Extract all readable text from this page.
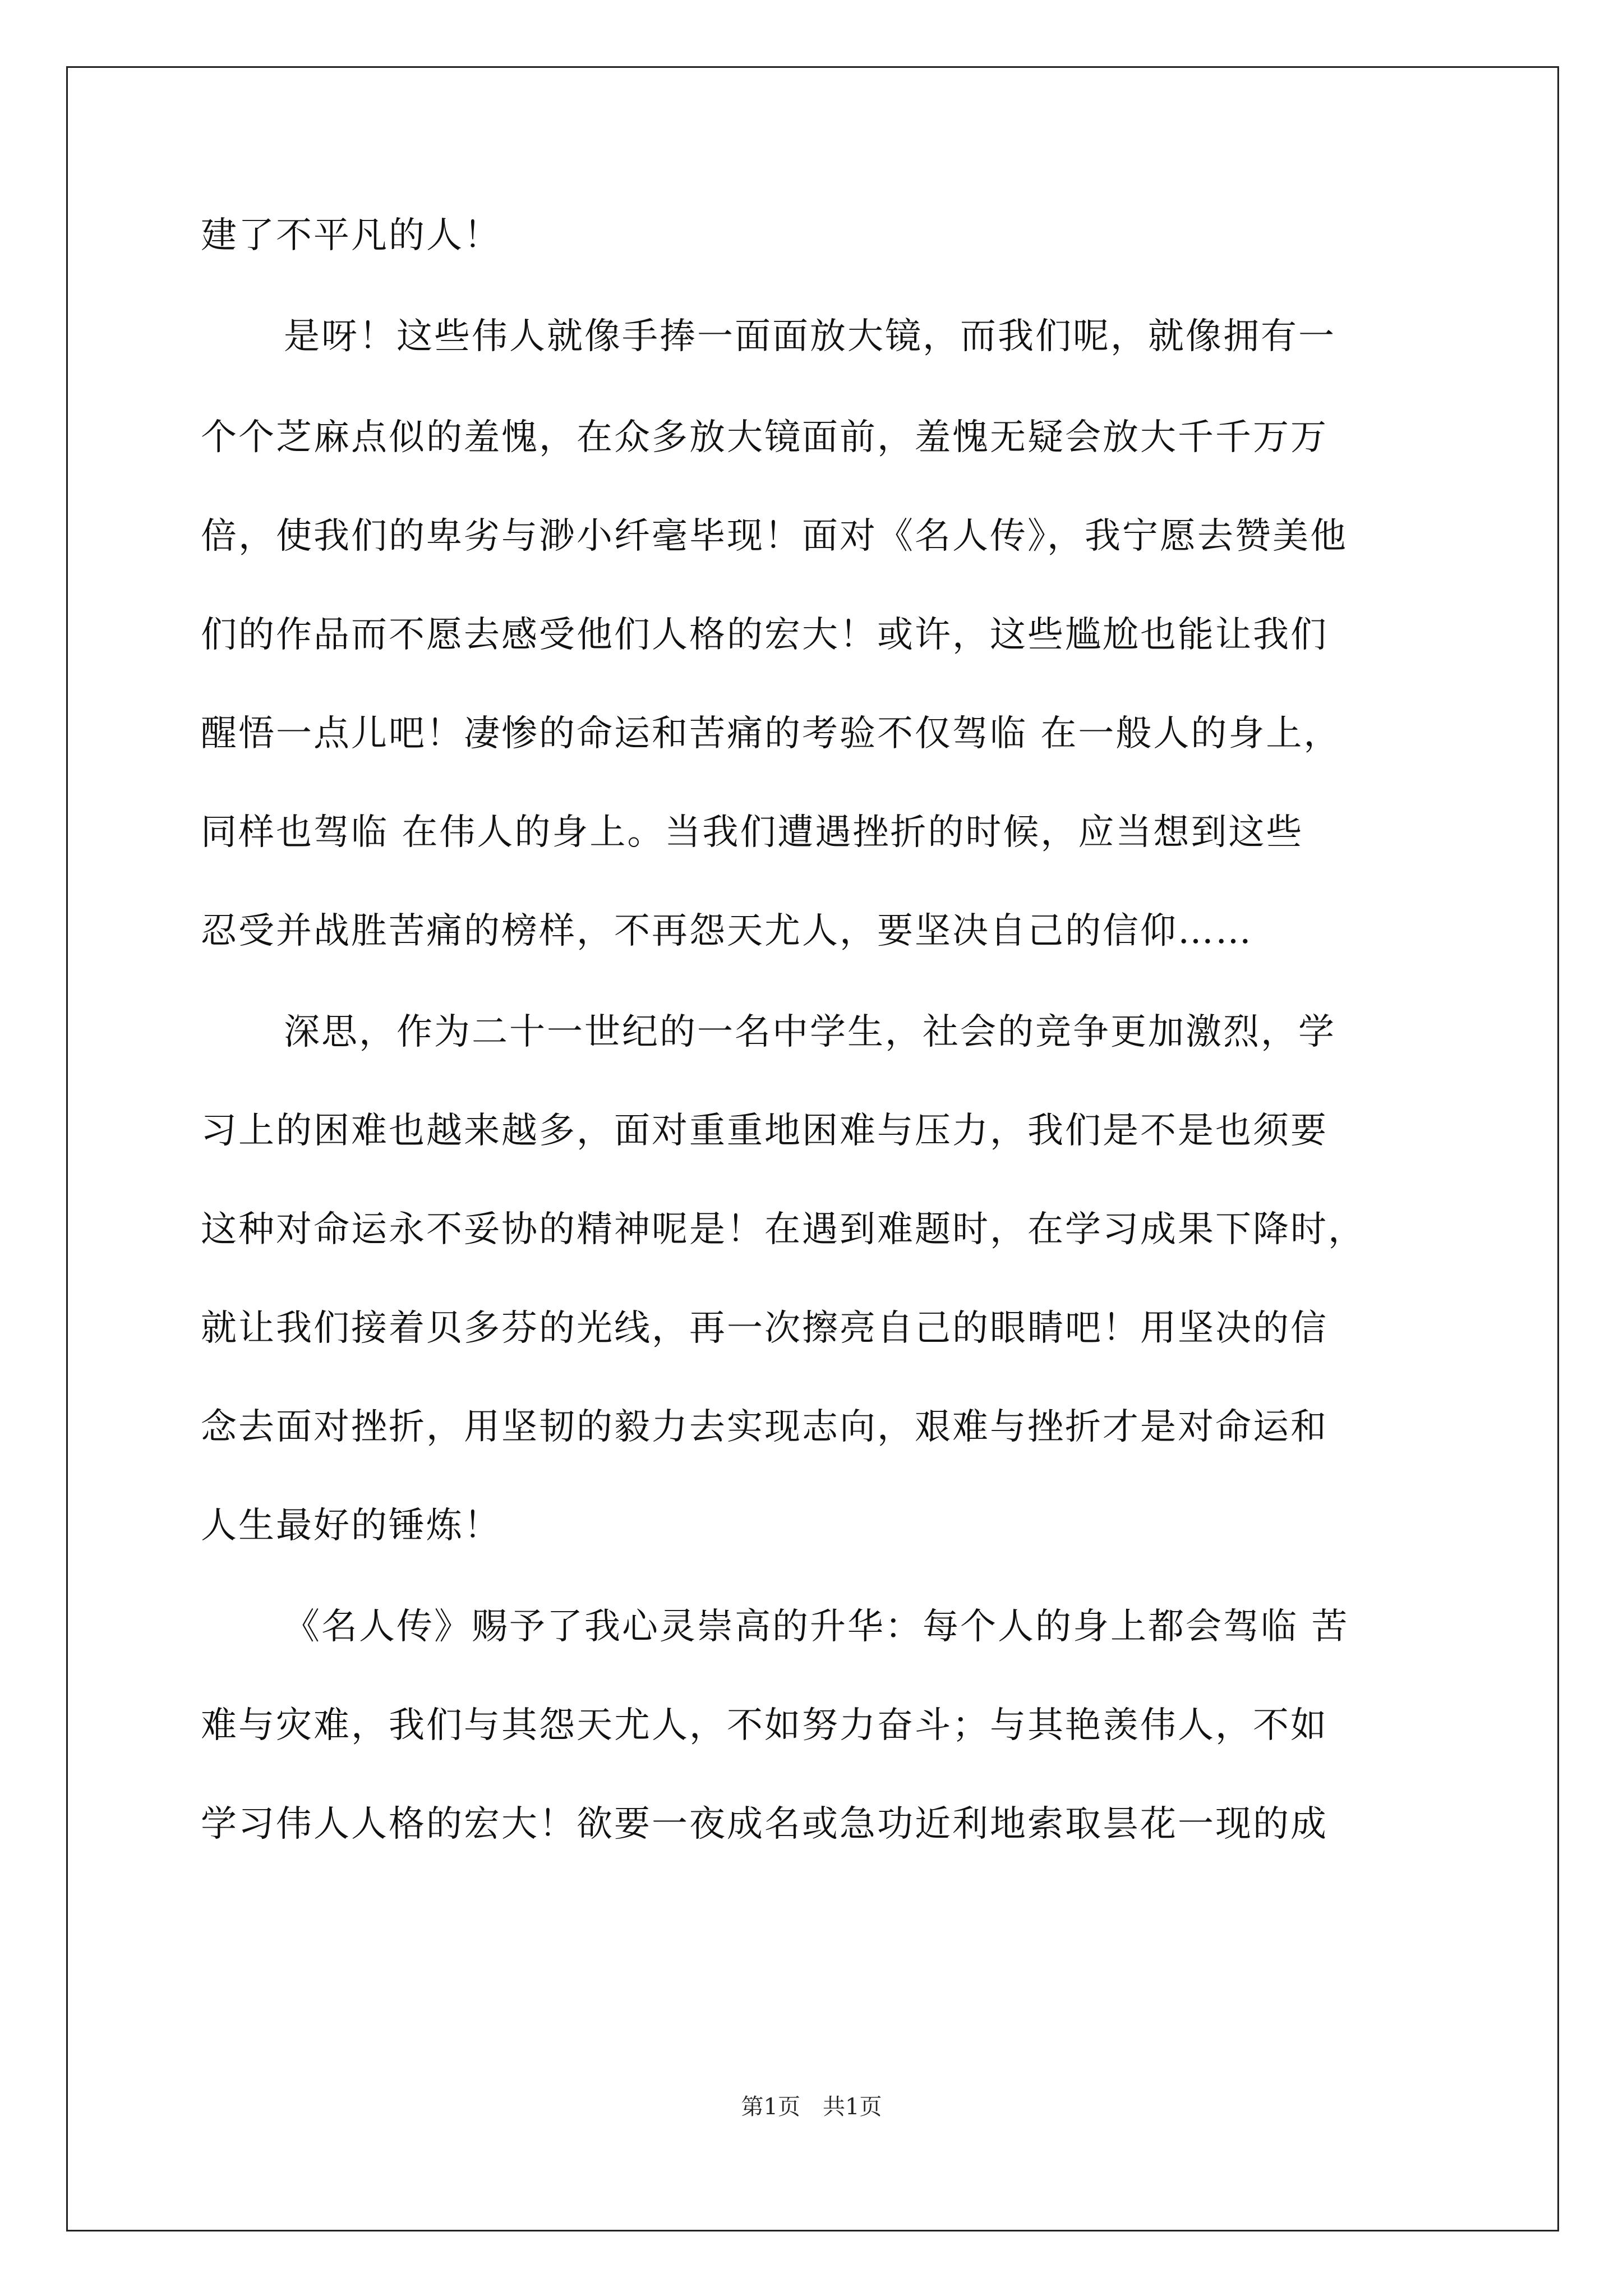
建了不平凡的人！
是呀！这些伟人就像手捧一面面放大镜，而我们呢，就像拥有一
个个芝麻点似的羞愧，在众多放大镜面前，羞愧无疑会放大千千万万
倍，使我们的卑劣与渺小纤毫毕现！面对《名人传》，我宁愿去赞美他
们的作品而不愿去感受他们人格的宏大！或许，这些尴尬也能让我们
醒悟一点儿吧！凄惨的命运和苦痛的考验不仅驾临 在一般人的身上，
同样也驾临 在伟人的身上。当我们遭遇挫折的时候，应当想到这些
忍受并战胜苦痛的榜样，不再怨天尤人，要坚决自己的信仰……
深思，作为二十一世纪的一名中学生，社会的竞争更加激烈，学
习上的困难也越来越多，面对重重地困难与压力，我们是不是也须要
这种对命运永不妥协的精神呢是！在遇到难题时，在学习成果下降时，
就让我们接着贝多芬的光线，再一次擦亮自己的眼睛吧！用坚决的信
念去面对挫折，用坚韧的毅力去实现志向，艰难与挫折才是对命运和
人生最好的锤炼！
《名人传》赐予了我心灵崇高的升华：每个人的身上都会驾临 苦
难与灾难，我们与其怨天尤人，不如努力奋斗；与其艳羡伟人，不如
学习伟人人格的宏大！欲要一夜成名或急功近利地索取昙花一现的成
第1页　共1页
